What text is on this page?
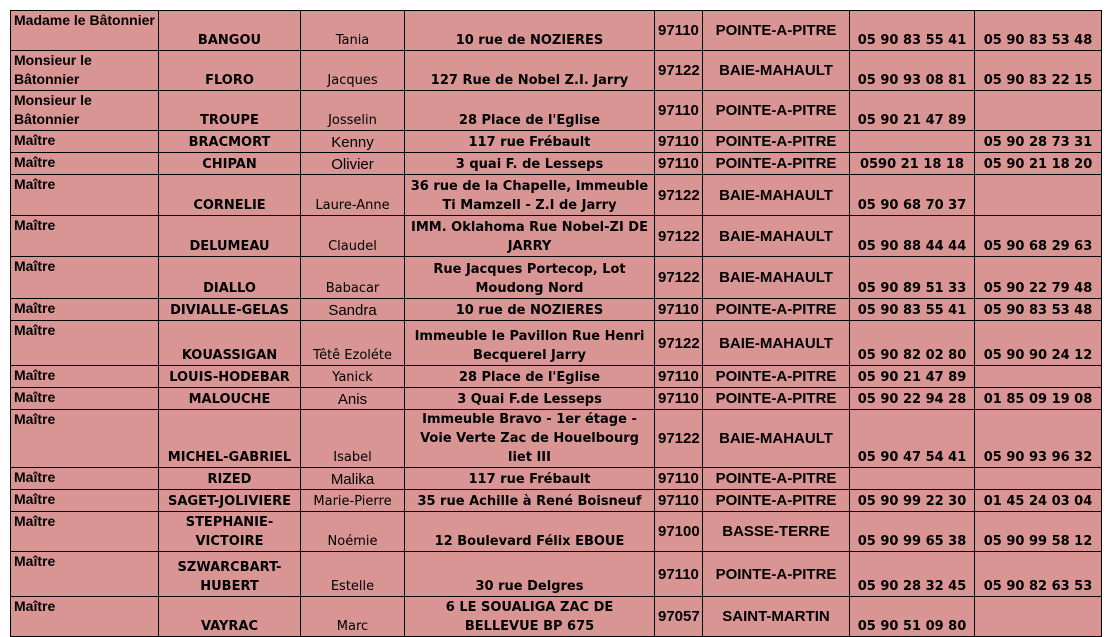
Madame le Bâtonnier	BANGOU	Tania	10 rue de NOZIERES	97110	POINTE-A-PITRE	05 90 83 55 41	05 90 83 53 48
Monsieur le Bâtonnier	FLORO	Jacques	127 Rue de Nobel Z.I. Jarry	97122	BAIE-MAHAULT	05 90 93 08 81	05 90 83 22 15
Monsieur le Bâtonnier	TROUPE	Josselin	28 Place de l'Eglise	97110	POINTE-A-PITRE	05 90 21 47 89	
Maître	BRACMORT	Kenny	117 rue Frébault	97110	POINTE-A-PITRE		05 90 28 73 31
Maître	CHIPAN	Olivier	3 quai F. de Lesseps	97110	POINTE-A-PITRE	0590 21 18 18	05 90 21 18 20
Maître	CORNELIE	Laure-Anne	36 rue de la Chapelle, Immeuble Ti Mamzell - Z.I de Jarry	97122	BAIE-MAHAULT	05 90 68 70 37	
Maître	DELUMEAU	Claudel	IMM. Oklahoma Rue Nobel-ZI DE JARRY	97122	BAIE-MAHAULT	05 90 88 44 44	05 90 68 29 63
Maître	DIALLO	Babacar	Rue Jacques Portecop, Lot Moudong Nord	97122	BAIE-MAHAULT	05 90 89 51 33	05 90 22 79 48
Maître	DIVIALLE-GELAS	Sandra	10 rue de NOZIERES	97110	POINTE-A-PITRE	05 90 83 55 41	05 90 83 53 48
Maître	KOUASSIGAN	Têtê Ezoléte	Immeuble le Pavillon Rue Henri Becquerel Jarry	97122	BAIE-MAHAULT	05 90 82 02 80	05 90 90 24 12
Maître	LOUIS-HODEBAR	Yanick	28 Place de l'Eglise	97110	POINTE-A-PITRE	05 90 21 47 89	
Maître	MALOUCHE	Anis	3 Quai F.de Lesseps	97110	POINTE-A-PITRE	05 90 22 94 28	01 85 09 19 08
Maître	MICHEL-GABRIEL	Isabel	Immeuble Bravo - 1er étage - Voie Verte Zac de Houelbourg liet III	97122	BAIE-MAHAULT	05 90 47 54 41	05 90 93 96 32
Maître	RIZED	Malika	117 rue Frébault	97110	POINTE-A-PITRE		
Maître	SAGET-JOLIVIERE	Marie-Pierre	35 rue Achille à René Boisneuf	97110	POINTE-A-PITRE	05 90 99 22 30	01 45 24 03 04
Maître	STEPHANIE-VICTOIRE	Noémie	12 Boulevard Félix EBOUE	97100	BASSE-TERRE	05 90 99 65 38	05 90 99 58 12
Maître	SZWARCBART-HUBERT	Estelle	30 rue Delgres	97110	POINTE-A-PITRE	05 90 28 32 45	05 90 82 63 53
Maître	VAYRAC	Marc	6 LE SOUALIGA ZAC DE BELLEVUE BP 675	97057	SAINT-MARTIN	05 90 51 09 80	
